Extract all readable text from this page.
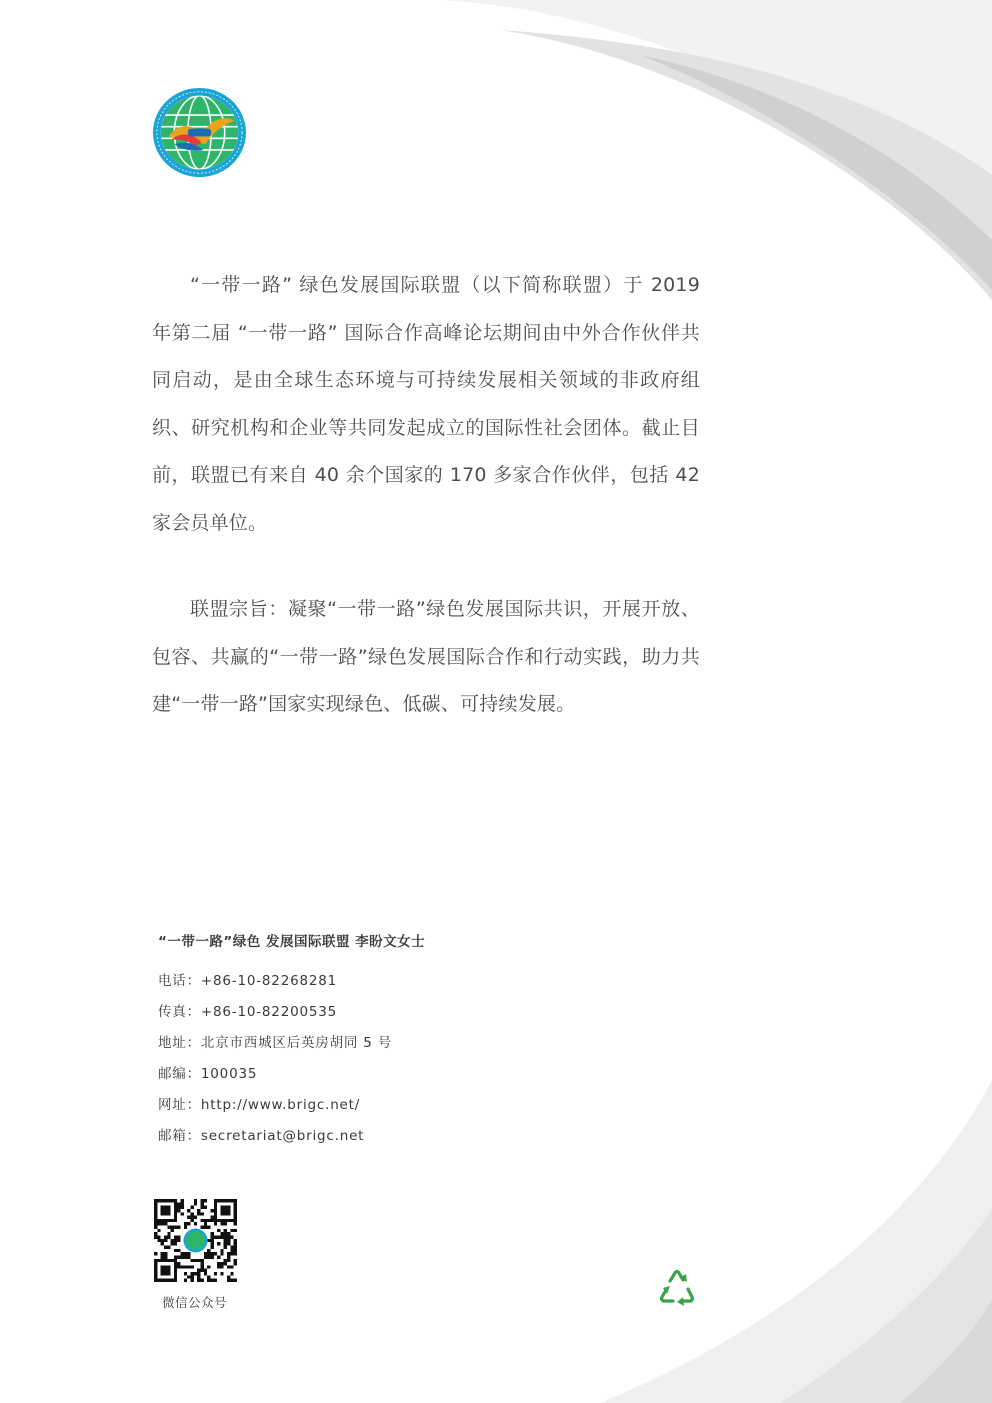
“一带一路” 绿色发展国际联盟（以下简称联盟）于 2019 年第二届 “一带一路” 国际合作高峰论坛期间由中外合作伙伴共同启动，是由全球生态环境与可持续发展相关领域的非政府组织、研究机构和企业等共同发起成立的国际性社会团体。截止目前，联盟已有来自 40 余个国家的 170 多家合作伙伴，包括 42 家会员单位。

联盟宗旨：凝聚“一带一路”绿色发展国际共识，开展开放、包容、共赢的“一带一路”绿色发展国际合作和行动实践，助力共建“一带一路”国家实现绿色、低碳、可持续发展。

“一带一路”绿色 发展国际联盟 李盼文女士
电话：+86-10-82268281
传真：+86-10-82200535
地址：北京市西城区后英房胡同 5 号
邮编：100035
网址：http://www.brigc.net/
邮箱：secretariat@brigc.net
微信公众号
